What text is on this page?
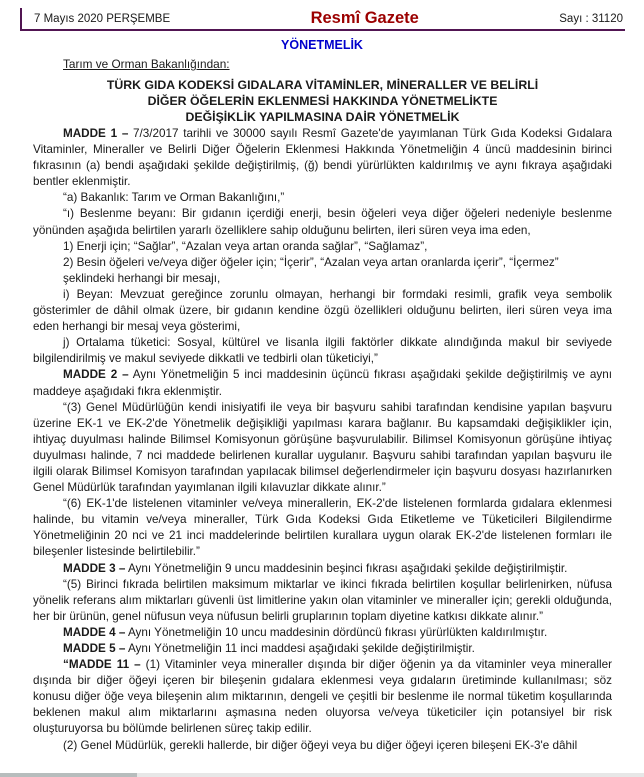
7 Mayıs 2020 PERŞEMBE	Resmî Gazete	Sayı : 31120
YÖNETMELİK
Tarım ve Orman Bakanlığından:
TÜRK GIDA KODEKSİ GIDALARA VİTAMİNLER, MİNERALLER VE BELİRLİ
DİĞER ÖĞELERİN EKLENMESİ HAKKINDA YÖNETMELİKTE
DEĞİŞİKLİK YAPILMASINA DAİR YÖNETMELİK
MADDE 1 – 7/3/2017 tarihli ve 30000 sayılı Resmî Gazete'de yayımlanan Türk Gıda Kodeksi Gıdalara Vitaminler, Mineraller ve Belirli Diğer Öğelerin Eklenmesi Hakkında Yönetmeliğin 4 üncü maddesinin birinci fıkrasının (a) bendi aşağıdaki şekilde değiştirilmiş, (ğ) bendi yürürlükten kaldırılmış ve aynı fıkraya aşağıdaki bentler eklenmiştir.
“a) Bakanlık: Tarım ve Orman Bakanlığını,”
“ı) Beslenme beyanı: Bir gıdanın içerdiği enerji, besin öğeleri veya diğer öğeleri nedeniyle beslenme yönünden aşağıda belirtilen yararlı özelliklere sahip olduğunu belirten, ileri süren veya ima eden,
1) Enerji için; “Sağlar”, “Azalan veya artan oranda sağlar”, “Sağlamaz”,
2) Besin öğeleri ve/veya diğer öğeler için; “İçerir”, “Azalan veya artan oranlarda içerir”, “İçermez”
şeklindeki herhangi bir mesajı,
i) Beyan: Mevzuat gereğince zorunlu olmayan, herhangi bir formdaki resimli, grafik veya sembolik gösterimler de dâhil olmak üzere, bir gıdanın kendine özgü özellikleri olduğunu belirten, ileri süren veya ima eden herhangi bir mesaj veya gösterimi,
j) Ortalama tüketici: Sosyal, kültürel ve lisanla ilgili faktörler dikkate alındığında makul bir seviyede bilgilendirilmiş ve makul seviyede dikkatli ve tedbirli olan tüketiciyi,”
MADDE 2 – Aynı Yönetmeliğin 5 inci maddesinin üçüncü fıkrası aşağıdaki şekilde değiştirilmiş ve aynı maddeye aşağıdaki fıkra eklenmiştir.
“(3) Genel Müdürlüğün kendi inisiyatifi ile veya bir başvuru sahibi tarafından kendisine yapılan başvuru üzerine EK-1 ve EK-2'de Yönetmelik değişikliği yapılması karara bağlanır. Bu kapsamdaki değişiklikler için, ihtiyaç duyulması halinde Bilimsel Komisyonun görüşüne başvurulabilir. Bilimsel Komisyonun görüşüne ihtiyaç duyulması halinde, 7 nci maddede belirlenen kurallar uygulanır. Başvuru sahibi tarafından yapılan başvuru ile ilgili olarak Bilimsel Komisyon tarafından yapılacak bilimsel değerlendirmeler için başvuru dosyası hazırlanırken Genel Müdürlük tarafından yayımlanan ilgili kılavuzlar dikkate alınır.”
“(6) EK-1'de listelenen vitaminler ve/veya minerallerin, EK-2'de listelenen formlarda gıdalara eklenmesi halinde, bu vitamin ve/veya mineraller, Türk Gıda Kodeksi Gıda Etiketleme ve Tüketicileri Bilgilendirme Yönetmeliğinin 20 nci ve 21 inci maddelerinde belirtilen kurallara uygun olarak EK-2'de listelenen formları ile bileşenler listesinde belirtilebilir.”
MADDE 3 – Aynı Yönetmeliğin 9 uncu maddesinin beşinci fıkrası aşağıdaki şekilde değiştirilmiştir.
“(5) Birinci fıkrada belirtilen maksimum miktarlar ve ikinci fıkrada belirtilen koşullar belirlenirken, nüfusa yönelik referans alım miktarları güvenli üst limitlerine yakın olan vitaminler ve mineraller için; gerekli olduğunda, her bir ürünün, genel nüfusun veya nüfusun belirli gruplarının toplam diyetine katkısı dikkate alınır.”
MADDE 4 – Aynı Yönetmeliğin 10 uncu maddesinin dördüncü fıkrası yürürlükten kaldırılmıştır.
MADDE 5 – Aynı Yönetmeliğin 11 inci maddesi aşağıdaki şekilde değiştirilmiştir.
“MADDE 11 – (1) Vitaminler veya mineraller dışında bir diğer öğenin ya da vitaminler veya mineraller dışında bir diğer öğeyi içeren bir bileşenin gıdalara eklenmesi veya gıdaların üretiminde kullanılması; söz konusu diğer öğe veya bileşenin alım miktarının, dengeli ve çeşitli bir beslenme ile normal tüketim koşullarında beklenen makul alım miktarlarını aşmasına neden oluyorsa ve/veya tüketiciler için potansiyel bir risk oluşturuyorsa bu bölümde belirlenen süreç takip edilir.
(2) Genel Müdürlük, gerekli hallerde, bir diğer öğeyi veya bu diğer öğeyi içeren bileşeni EK-3'e dâhil
